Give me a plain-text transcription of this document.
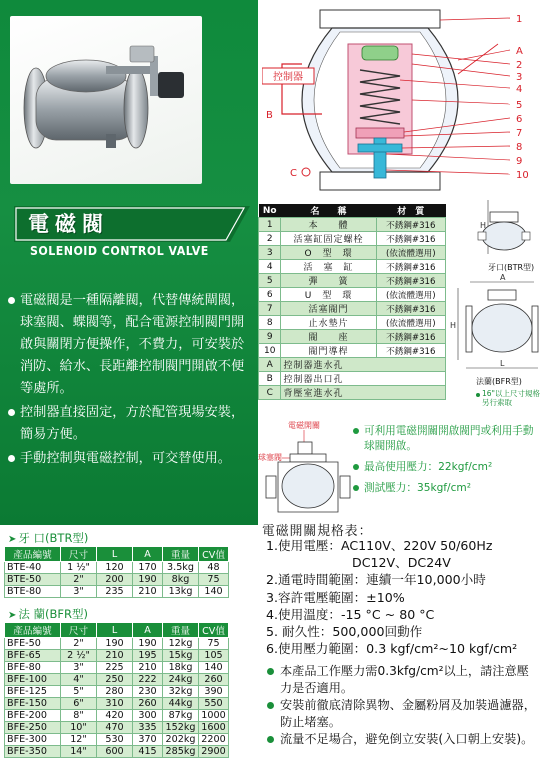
電磁閥
SOLENOID CONTROL VALVE
電磁閥是一種隔離閥，代替傳統閘閥，球塞閥、蝶閥等，配合電源控制閥門開啟與關閉方便操作，不費力，可安裝於消防、給水、長距離控制閥門開啟不便等處所。
控制器直接固定，方於配管現場安裝，簡易方便。
手動控制與電磁控制，可交替使用。
控制器
1
A
2
3
4
5
6
7
8
9
10
B
C
No	名　　稱	材　質
1	本　　體	不銹鋼#316
2	活塞缸固定螺栓	不銹鋼#316
3	O　型　環	(依流體選用)
4	活　塞　缸	不銹鋼#316
5	彈　　簧	不銹鋼#316
6	U　型　環	(依流體選用)
7	活塞閥門	不銹鋼#316
8	止水墊片	(依流體選用)
9	閥　　座	不銹鋼#316
10	閥門導桿	不銹鋼#316
A	控制器進水孔	
B	控制器出口孔	
C	背壓室進水孔	
H
牙口(BTR型)
H
A
L
法蘭(BFR型)
16"以上尺寸規格另行索取
電磁開關
球塞閥
可利用電磁開關開啟閥門或利用手動球閥開啟。
最高使用壓力：22kgf/cm²
測試壓力：35kgf/cm²
電磁開關規格表：
1.使用電壓：AC110V、220V 50/60Hz
DC12V、DC24V
2.通電時間範圍：連續一年10,000小時
3.容許電壓範圍：±10%
4.使用溫度：-15 °C ~ 80 °C
5. 耐久性：500,000回動作
6.使用壓力範圍：0.3 kgf/cm²~10 kgf/cm²
本產品工作壓力需0.3kfg/cm²以上，請注意壓力是否適用。
安裝前徹底清除異物、金屬粉屑及加裝過濾器，防止堵塞。
流量不足場合，避免倒立安裝(入口朝上安裝)。
➤ 牙 口(BTR型)
產品編號	尺寸	L	A	重量	CV值
BTE-40	1 ½"	120	170	3.5kg	48
BTE-50	2"	200	190	8kg	75
BTE-80	3"	235	210	13kg	140
➤ 法 蘭(BFR型)
產品編號	尺寸	L	A	重量	CV值
BFE-50	2"	190	190	12kg	75
BFE-65	2 ½"	210	195	15kg	105
BFE-80	3"	225	210	18kg	140
BFE-100	4"	250	222	24kg	260
BFE-125	5"	280	230	32kg	390
BFE-150	6"	310	260	44kg	550
BFE-200	8"	420	300	87kg	1000
BFE-250	10"	470	335	152kg	1600
BFE-300	12"	530	370	202kg	2200
BFE-350	14"	600	415	285kg	2900
